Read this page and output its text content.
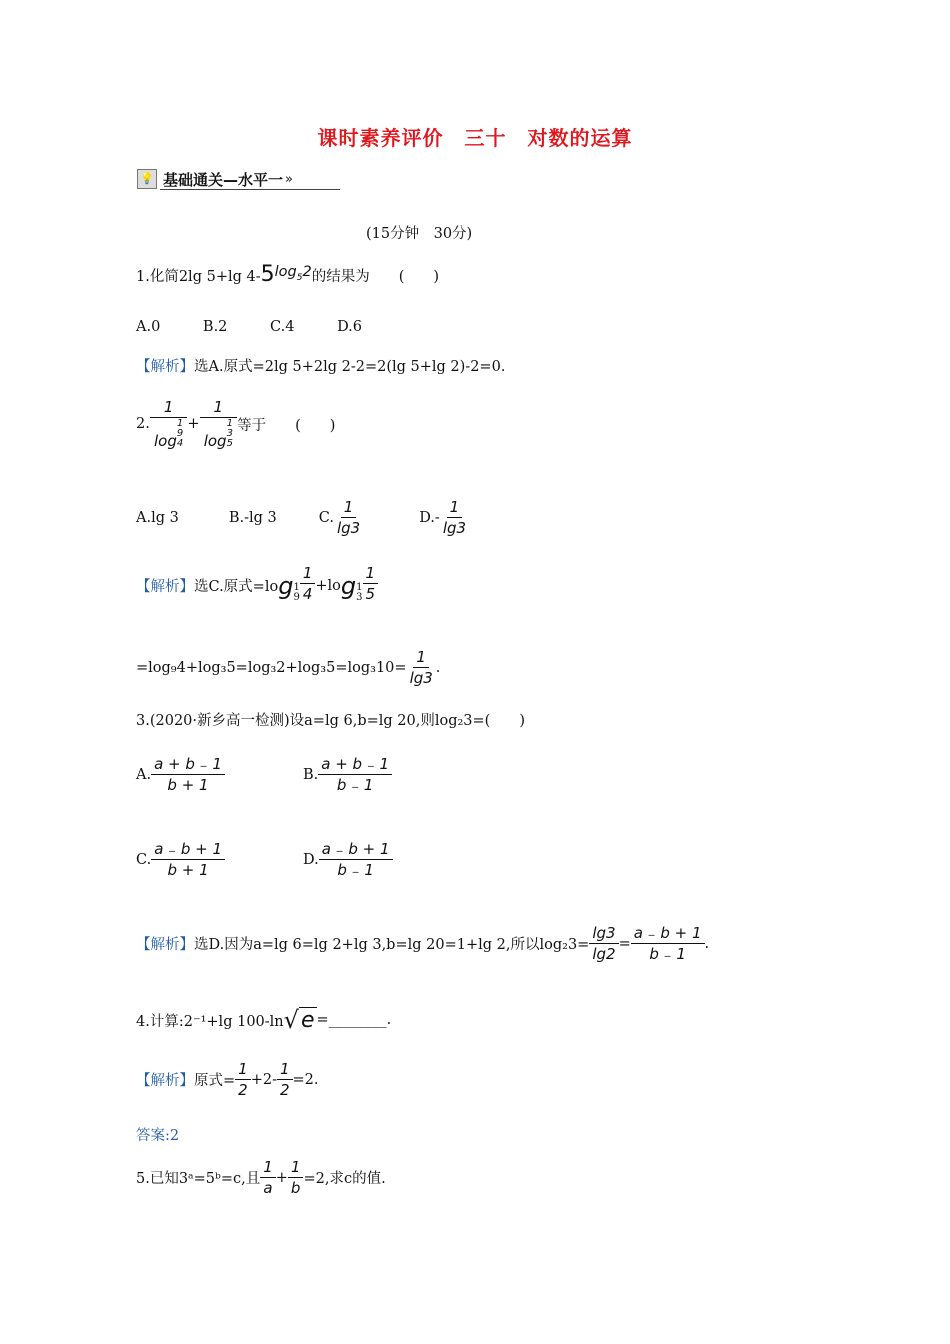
课时素养评价　三十　对数的运算
💡 基础通关—水平一 »
(15分钟　30分)
1.化简2lg 5+lg $4-5\log_52$的结果为　　(　　)
A.0	B.2	C.4	D.6
【解析】选A.原式=2lg 5+2lg 2-2=2(lg 5+lg 2)-2=0.
2.
1
log1
9
4
+
1
log1
3
5
等于　　(　　)
A.lg 3	B.-lg 3	C. $\frac{1}{\lg 3}$	$D.- \frac{1}{\lg 3}$
【解析】 选C.原式=lo g 1
$9 \frac{1}{4} +lo$ g 1
$3 \frac{1}{5}$
$=\log_94+\log_35=\log_32+\log_35=\log_310= \frac{1}{\lg 3}$ .
3.(2020·新乡高一检测)设a=lg 6,b=lg 20,则log₂3=(　　)
A. $\frac{a + b _- 1}{b + 1}$	B. $\frac{a + b _- 1}{b _- 1}$
C. $\frac{a _- b + 1}{b + 1}$	D. $\frac{a _- b + 1}{b _- 1}$
【解析】 选D.因为a=lg 6=lg 2+lg 3,b=lg 20=1+lg 2,所以$\log_23= \frac{\lg 3}{\lg 2} = \frac{a _- b + 1}{b _- 1}$ .
4.计算:2⁻¹+lg 100-ln √ e =________.
【解析】 原式= $\frac{1}{2} +2- \frac{1}{2} =2$.
答案:2
5.已知3ᵃ=5ᵇ=c,且 $\frac{1}{a} + \frac{1}{b} =2$,求c的值.
